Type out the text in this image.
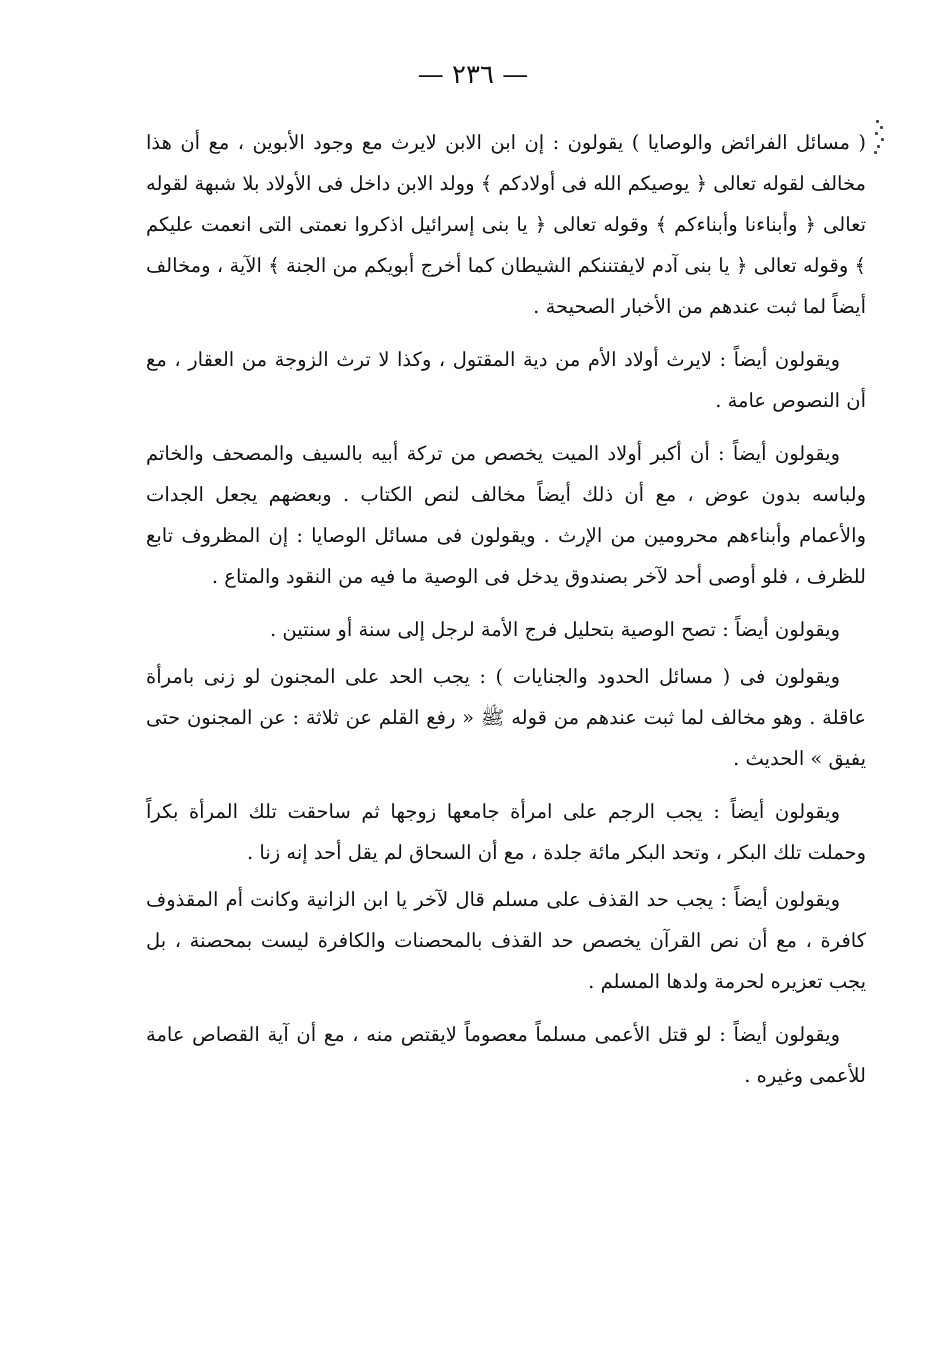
— ٢٣٦ —

( مسائل الفرائض والوصايا ) يقولون : إن ابن الابن لايرث مع وجود الأبوين ، مع أن هذا مخالف لقوله تعالى ﴿ يوصيكم الله فى أولادكم ﴾ وولد الابن داخل فى الأولاد بلا شبهة لقوله تعالى ﴿ وأبناءنا وأبناءكم ﴾ وقوله تعالى ﴿ يا بنى إسرائيل اذكروا نعمتى التى انعمت عليكم ﴾ وقوله تعالى ﴿ يا بنى آدم لايفتننكم الشيطان كما أخرج أبويكم من الجنة ﴾ الآية ، ومخالف أيضاً لما ثبت عندهم من الأخبار الصحيحة .

ويقولون أيضاً : لايرث أولاد الأم من دية المقتول ، وكذا لا ترث الزوجة من العقار ، مع أن النصوص عامة .

ويقولون أيضاً : أن أكبر أولاد الميت يخصص من تركة أبيه بالسيف والمصحف والخاتم ولباسه بدون عوض ، مع أن ذلك أيضاً مخالف لنص الكتاب . وبعضهم يجعل الجدات والأعمام وأبناءهم محرومين من الإرث . ويقولون فى مسائل الوصايا : إن المظروف تابع للظرف ، فلو أوصى أحد لآخر بصندوق يدخل فى الوصية ما فيه من النقود والمتاع .

ويقولون أيضاً : تصح الوصية بتحليل فرج الأمة لرجل إلى سنة أو سنتين .

ويقولون فى ( مسائل الحدود والجنايات ) : يجب الحد على المجنون لو زنى بامرأة عاقلة . وهو مخالف لما ثبت عندهم من قوله ﷺ « رفع القلم عن ثلاثة : عن المجنون حتى يفيق » الحديث .

ويقولون أيضاً : يجب الرجم على امرأة جامعها زوجها ثم ساحقت تلك المرأة بكراً وحملت تلك البكر ، وتحد البكر مائة جلدة ، مع أن السحاق لم يقل أحد إنه زنا .

ويقولون أيضاً : يجب حد القذف على مسلم قال لآخر يا ابن الزانية وكانت أم المقذوف كافرة ، مع أن نص القرآن يخصص حد القذف بالمحصنات والكافرة ليست بمحصنة ، بل يجب تعزيره لحرمة ولدها المسلم .

ويقولون أيضاً : لو قتل الأعمى مسلماً معصوماً لايقتص منه ، مع أن آية القصاص عامة للأعمى وغيره .
